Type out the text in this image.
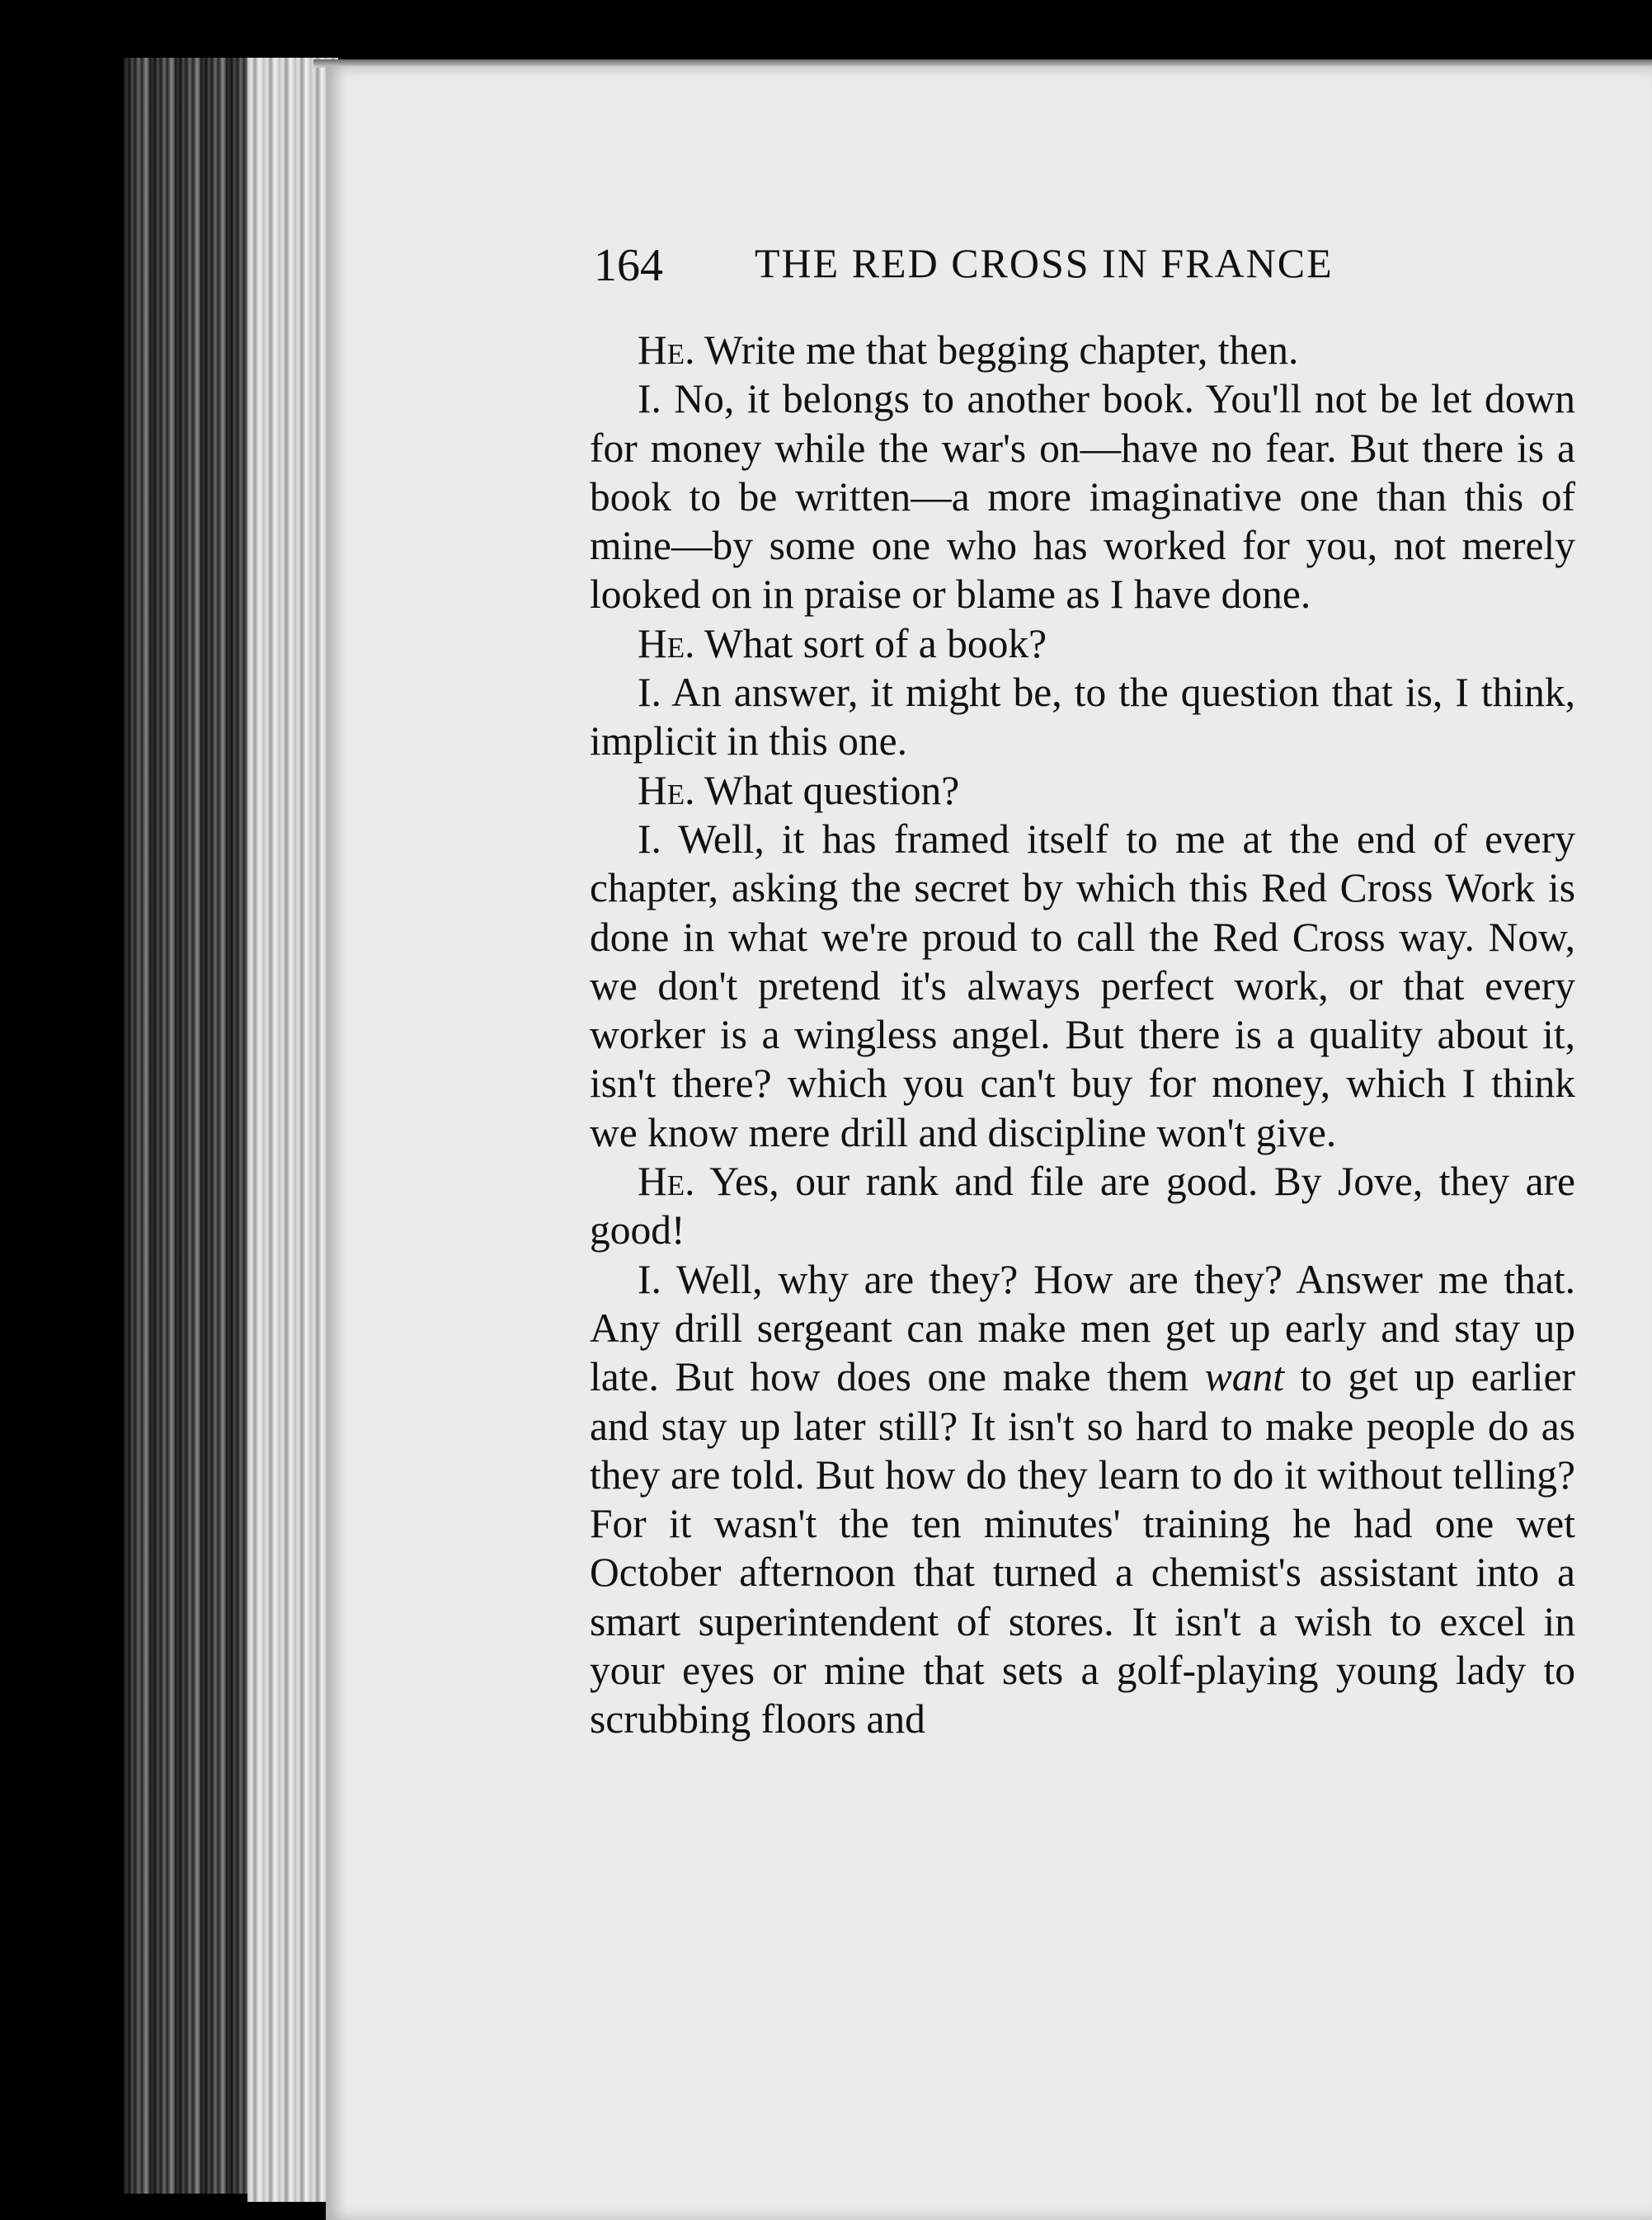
164 THE RED CROSS IN FRANCE

He. Write me that begging chapter, then.

I. No, it belongs to another book. You'll not be let down for money while the war's on—have no fear. But there is a book to be written—a more imaginative one than this of mine—by some one who has worked for you, not merely looked on in praise or blame as I have done.

He. What sort of a book?

I. An answer, it might be, to the question that is, I think, implicit in this one.

He. What question?

I. Well, it has framed itself to me at the end of every chapter, asking the secret by which this Red Cross Work is done in what we're proud to call the Red Cross way. Now, we don't pretend it's always perfect work, or that every worker is a wingless angel. But there is a quality about it, isn't there? which you can't buy for money, which I think we know mere drill and discipline won't give.

He. Yes, our rank and file are good. By Jove, they are good!

I. Well, why are they? How are they? Answer me that. Any drill sergeant can make men get up early and stay up late. But how does one make them want to get up earlier and stay up later still? It isn't so hard to make people do as they are told. But how do they learn to do it without telling? For it wasn't the ten minutes' training he had one wet October afternoon that turned a chemist's assistant into a smart superintendent of stores. It isn't a wish to excel in your eyes or mine that sets a golf-playing young lady to scrubbing floors and
